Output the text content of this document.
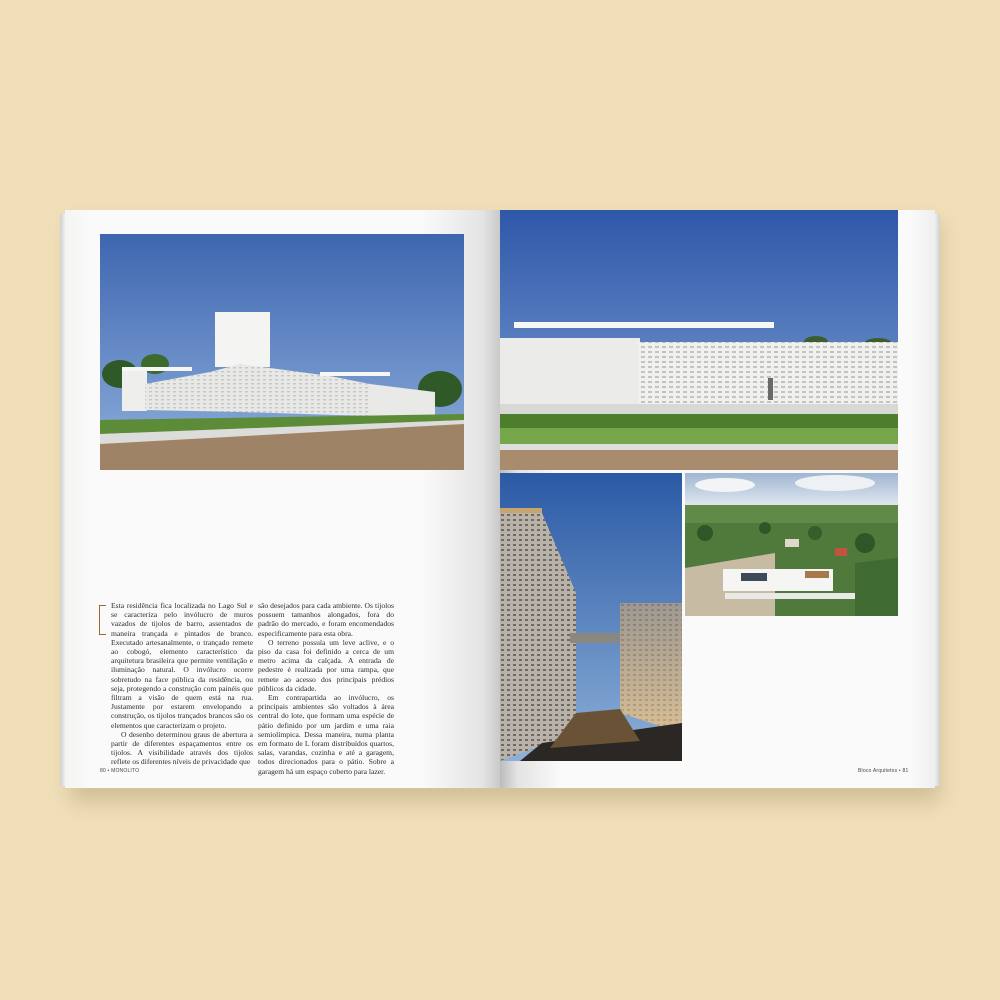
Esta residência fica localizada no Lago Sul e se caracteriza pelo invólucro de muros vazados de tijolos de barro, assentados de maneira trançada e pintados de branco. Executado artesanalmente, o trançado remete ao cobogó, elemento característico da arquitetura brasileira que permite ventilação e iluminação natural. O invólucro ocorre sobretudo na face pública da residência, ou seja, protegendo a construção com painéis que filtram a visão de quem está na rua. Justamente por estarem envelopando a construção, os tijolos trançados brancos são os elementos que caracterizam o projeto.

O desenho determinou graus de abertura a partir de diferentes espaçamentos entre os tijolos. A visibilidade através dos tijolos reflete os diferentes níveis de privacidade que

são desejados para cada ambiente. Os tijolos possuem tamanhos alongados, fora do padrão do mercado, e foram encomendados especificamente para esta obra.

O terreno possuía um leve aclive, e o piso da casa foi definido a cerca de um metro acima da calçada. A entrada de pedestre é realizada por uma rampa, que remete ao acesso dos principais prédios públicos da cidade.

Em contrapartida ao invólucro, os principais ambientes são voltados à área central do lote, que formam uma espécie de pátio definido por um jardim e uma raia semiolímpica. Dessa maneira, numa planta em formato de L foram distribuídos quartos, salas, varandas, cozinha e até a garagem, todos direcionados para o pátio. Sobre a garagem há um espaço coberto para lazer.

80 • MONOLITO	Bloco Arquitetos • 81
